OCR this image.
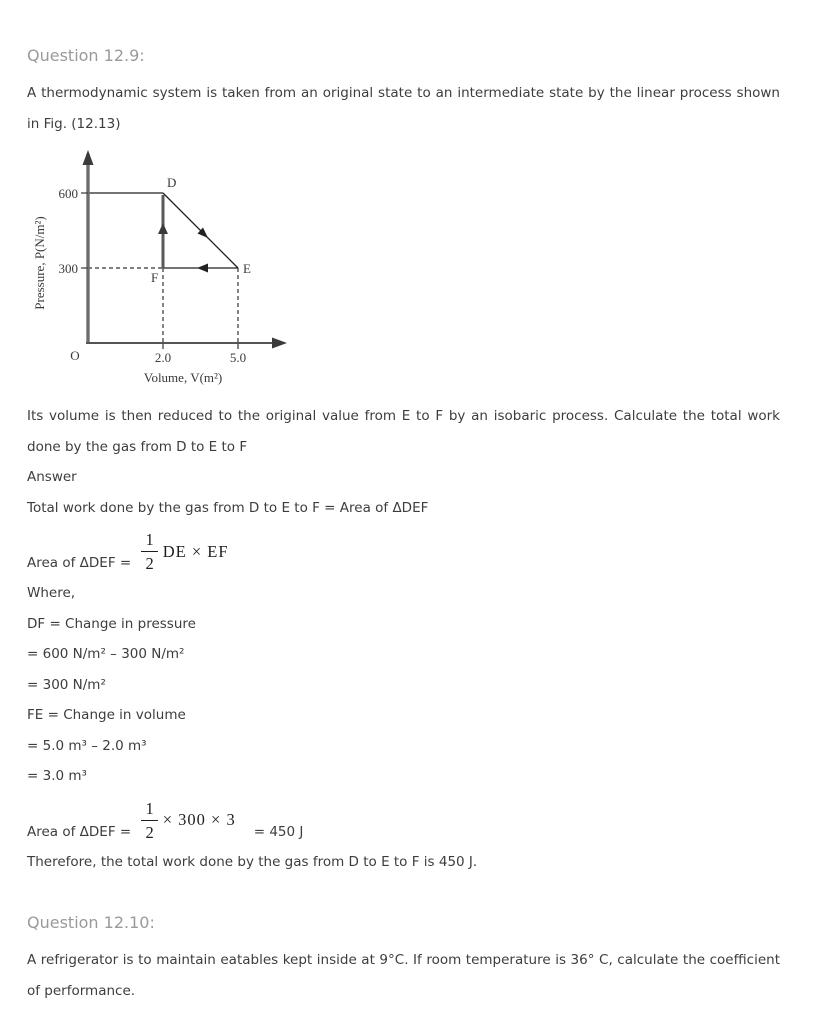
Question 12.9:

A thermodynamic system is taken from an original state to an intermediate state by the linear process shown in Fig. (12.13)

600
300
O	2.0	5.0
D
E
F
Pressure, P(N/m²)
Volume, V(m²)

Its volume is then reduced to the original value from E to F by an isobaric process. Calculate the total work done by the gas from D to E to F

Answer
Total work done by the gas from D to E to F = Area of ΔDEF
Area of $\Delta DEF = \frac{1}{2}$ DE × EF
Where,
DF = Change in pressure
= 600 N/m² – 300 N/m²
= 300 N/m²
FE = Change in volume
= 5.0 m³ – 2.0 m³
= 3.0 m³
Area of $\Delta DEF = \frac{1}{2} \times 300 \times 3$
= 450 J
Therefore, the total work done by the gas from D to E to F is 450 J.
Question 12.10:

A refrigerator is to maintain eatables kept inside at 9°C. If room temperature is 36° C, calculate the coefficient of performance.
